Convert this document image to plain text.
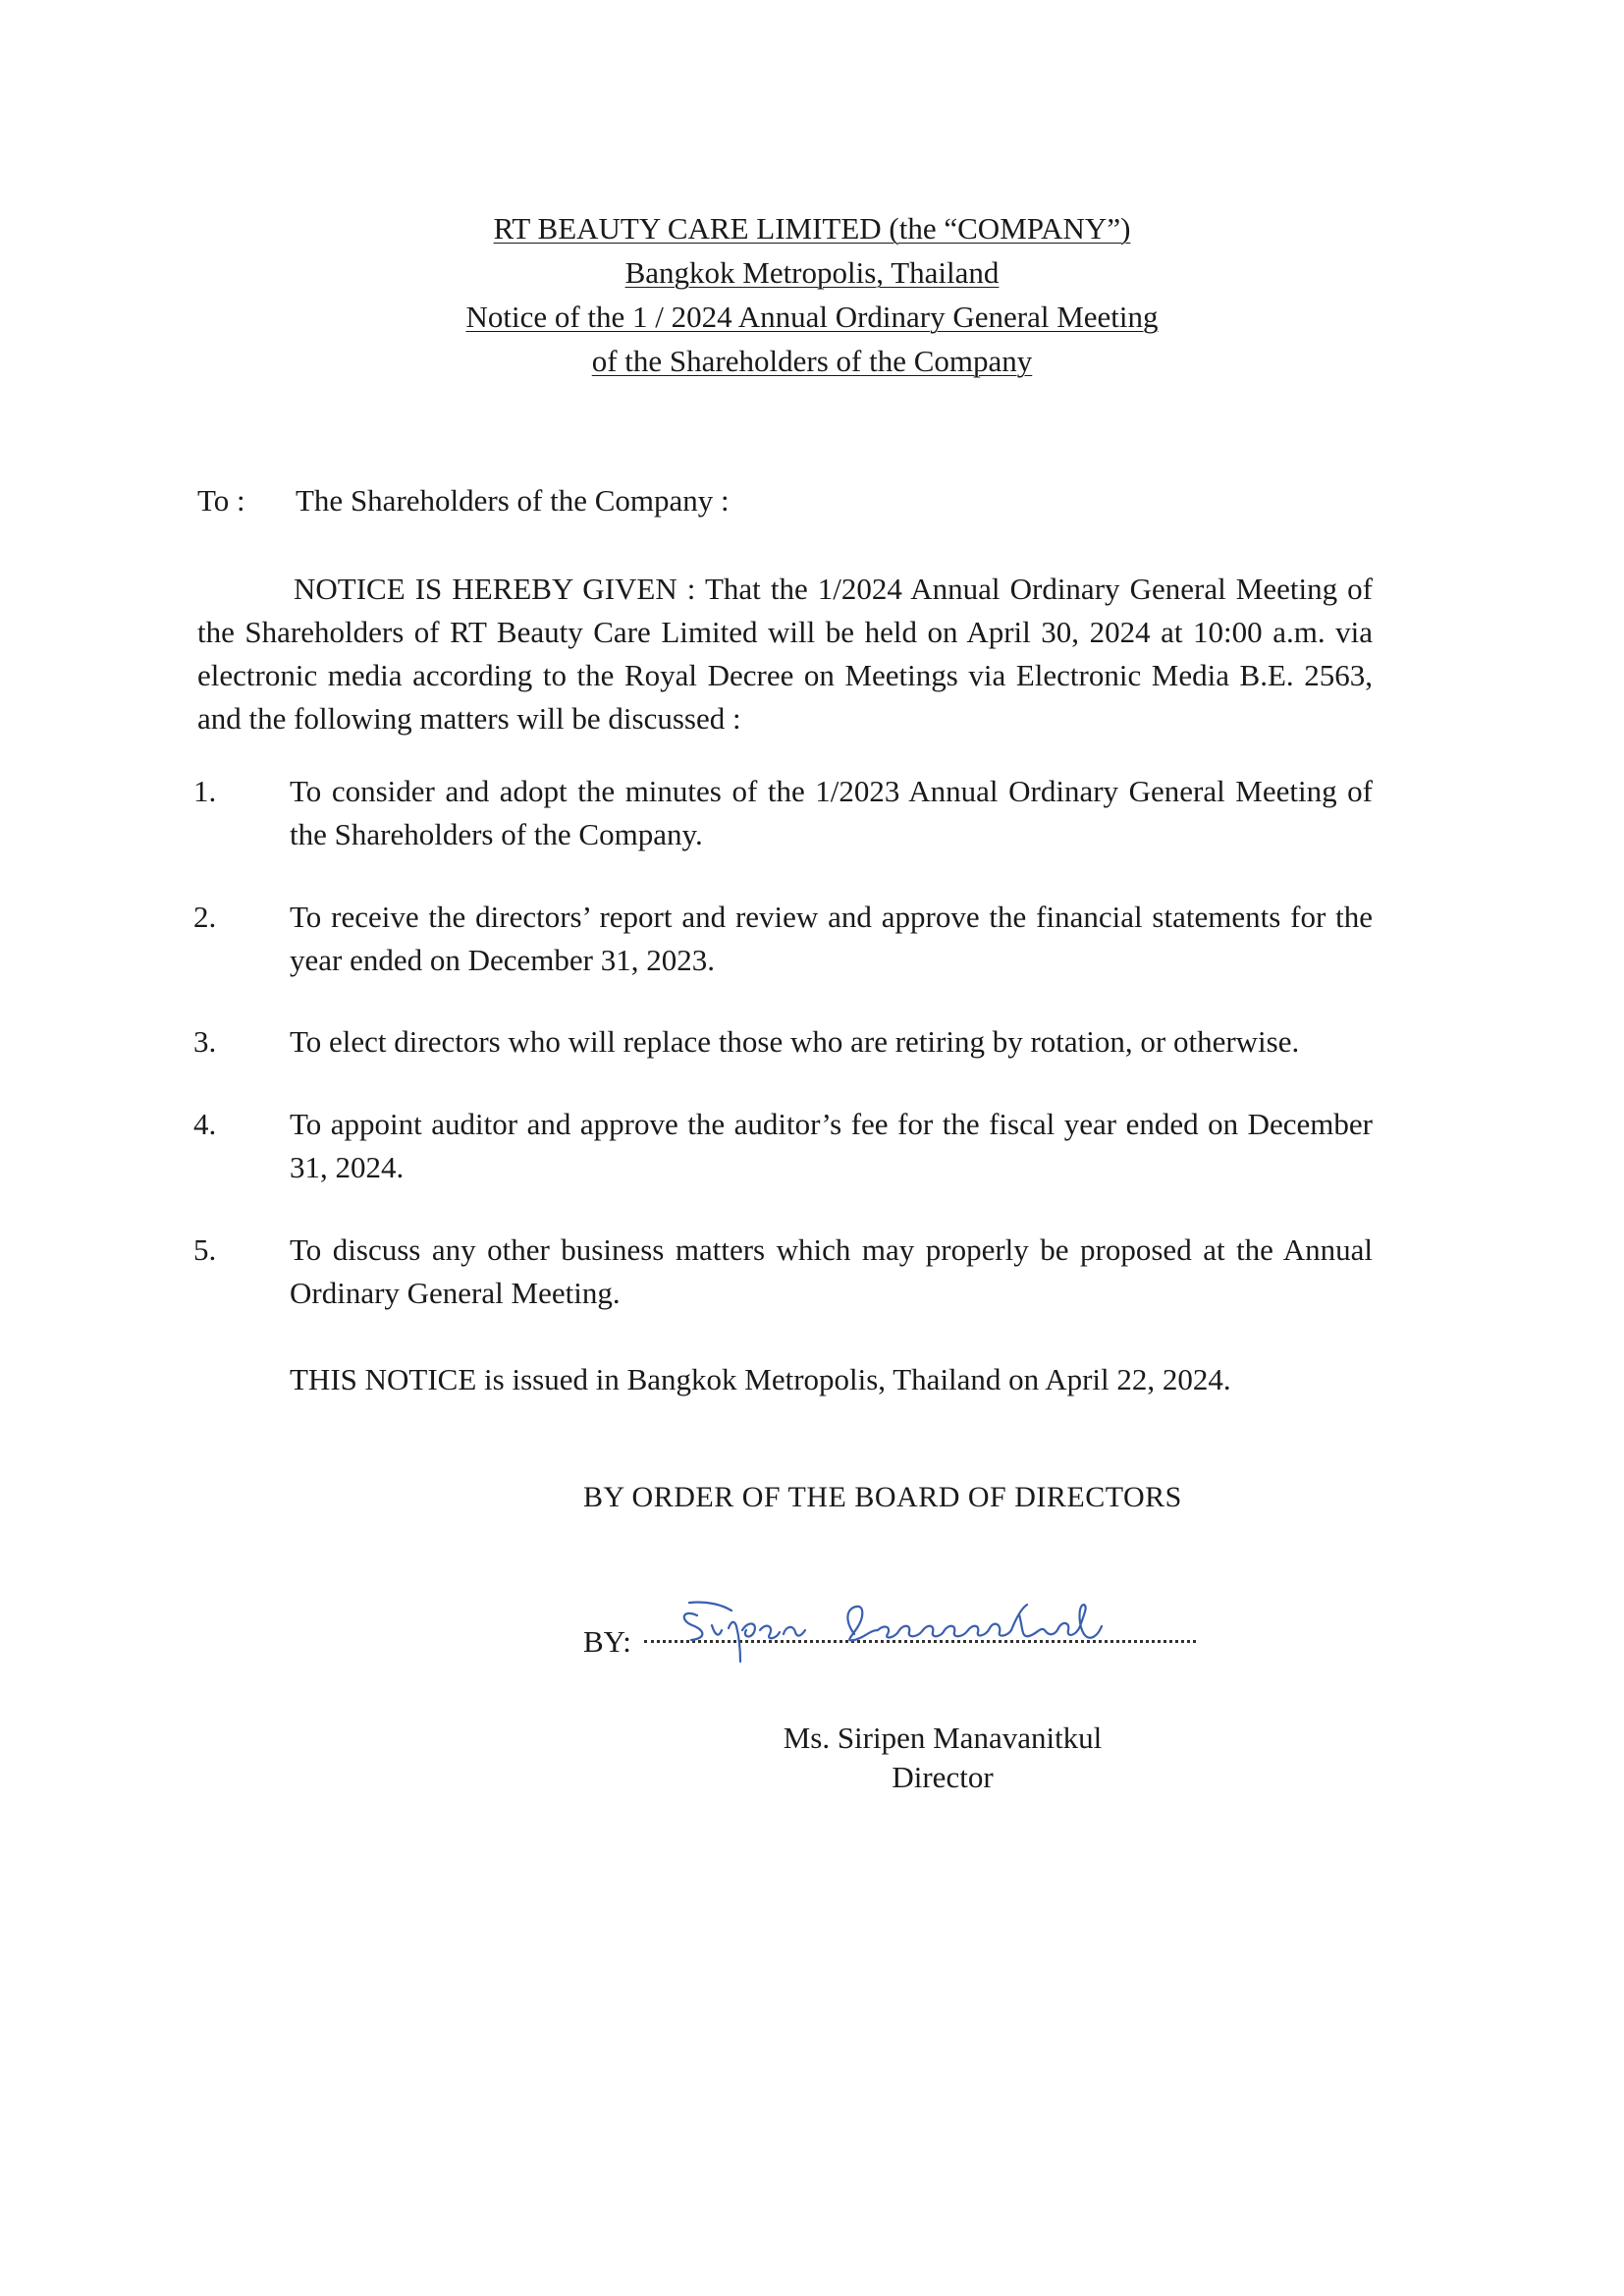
RT BEAUTY CARE LIMITED (the “COMPANY”)
Bangkok Metropolis, Thailand
Notice of the 1 / 2024 Annual Ordinary General Meeting
of the Shareholders of the Company
To : The Shareholders of the Company :
NOTICE IS HEREBY GIVEN : That the 1/2024 Annual Ordinary General Meeting of the Shareholders of RT Beauty Care Limited will be held on April 30, 2024 at 10:00 a.m. via electronic media according to the Royal Decree on Meetings via Electronic Media B.E. 2563, and the following matters will be discussed :
1. To consider and adopt the minutes of the 1/2023 Annual Ordinary General Meeting of the Shareholders of the Company.
2. To receive the directors’ report and review and approve the financial statements for the year ended on December 31, 2023.
3. To elect directors who will replace those who are retiring by rotation, or otherwise.
4. To appoint auditor and approve the auditor’s fee for the fiscal year ended on December 31, 2024.
5. To discuss any other business matters which may properly be proposed at the Annual Ordinary General Meeting.
THIS NOTICE is issued in Bangkok Metropolis, Thailand on April 22, 2024.
BY ORDER OF THE BOARD OF DIRECTORS
BY:
Ms. Siripen Manavanitkul
Director
